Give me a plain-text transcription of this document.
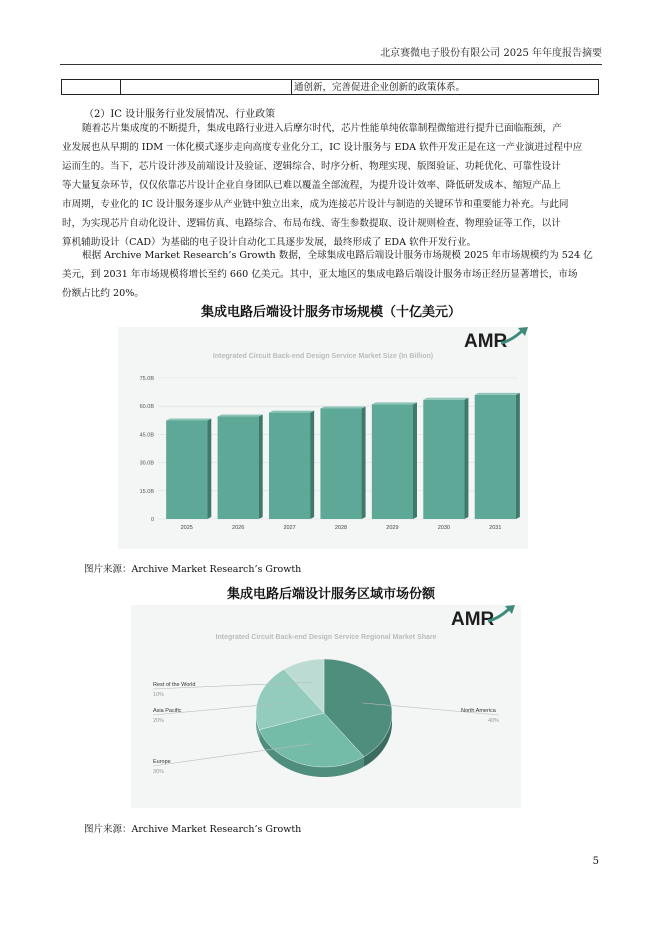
北京赛微电子股份有限公司 2025 年年度报告摘要
通创新，完善促进企业创新的政策体系。
（2）IC 设计服务行业发展情况、行业政策
随着芯片集成度的不断提升，集成电路行业进入后摩尔时代，芯片性能单纯依靠制程微缩进行提升已面临瓶颈，产
业发展也从早期的 IDM 一体化模式逐步走向高度专业化分工，IC 设计服务与 EDA 软件开发正是在这一产业演进过程中应
运而生的。当下，芯片设计涉及前端设计及验证、逻辑综合、时序分析、物理实现、版图验证、功耗优化、可靠性设计
等大量复杂环节，仅仅依靠芯片设计企业自身团队已难以覆盖全部流程，为提升设计效率、降低研发成本、缩短产品上
市周期，专业化的 IC 设计服务逐步从产业链中独立出来，成为连接芯片设计与制造的关键环节和重要能力补充。与此同
时，为实现芯片自动化设计、逻辑仿真、电路综合、布局布线、寄生参数提取、设计规则检查、物理验证等工作，以计
算机辅助设计（CAD）为基础的电子设计自动化工具逐步发展，最终形成了 EDA 软件开发行业。
根据 Archive Market Research’s Growth 数据，全球集成电路后端设计服务市场规模 2025 年市场规模约为 524 亿
美元，到 2031 年市场规模将增长至约 660 亿美元。其中，亚太地区的集成电路后端设计服务市场正经历显著增长，市场
份额占比约 20%。
集成电路后端设计服务市场规模（十亿美元）
AMR
Integrated Circuit Back-end Design Service Market Size (In Billion)
0
15.0B
30.0B
45.0B
60.0B
75.0B
2025	2026	2027	2028	2029	2030	2031
图片来源：Archive Market Research’s Growth
集成电路后端设计服务区域市场份额
AMR
Integrated Circuit Back-end Design Service Regional Market Share
North America
40%
Europe
30%
Asia Pacific
20%
Rest of the World
10%
图片来源：Archive Market Research’s Growth
5
